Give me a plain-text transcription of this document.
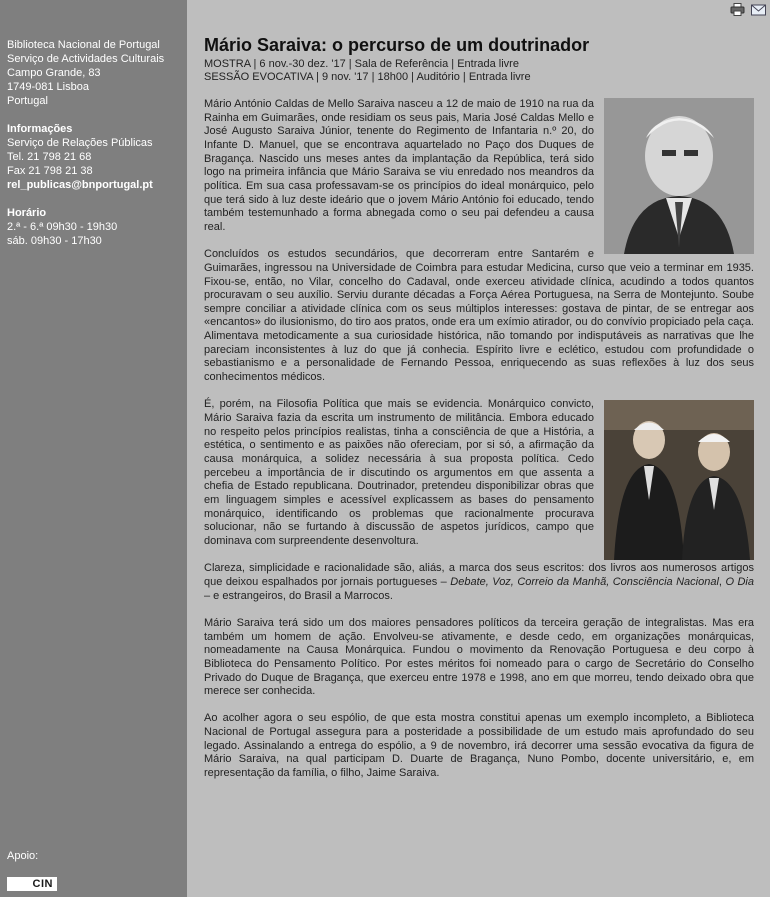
Biblioteca Nacional de Portugal
Serviço de Actividades Culturais
Campo Grande, 83
1749-081 Lisboa
Portugal
Informações
Serviço de Relações Públicas
Tel. 21 798 21 68
Fax 21 798 21 38
rel_publicas@bnportugal.pt
Horário
2.ª - 6.ª 09h30 - 19h30
sáb. 09h30 - 17h30
Apoio:
CIN
Mário Saraiva: o percurso de um doutrinador
MOSTRA | 6 nov.-30 dez. '17 | Sala de Referência | Entrada livre
SESSÃO EVOCATIVA | 9 nov. '17 | 18h00 | Auditório | Entrada livre

Mário António Caldas de Mello Saraiva nasceu a 12 de maio de 1910 na rua da Rainha em Guimarães, onde residiam os seus pais, Maria José Caldas Mello e José Augusto Saraiva Júnior, tenente do Regimento de Infantaria n.º 20, do Infante D. Manuel, que se encontrava aquartelado no Paço dos Duques de Bragança. Nascido uns meses antes da implantação da República, terá sido logo na primeira infância que Mário Saraiva se viu enredado nos meandros da política. Em sua casa professavam-se os princípios do ideal monárquico, pelo que terá sido à luz deste ideário que o jovem Mário António foi educado, tendo também testemunhado a forma abnegada como o seu pai defendeu a causa real.

Concluídos os estudos secundários, que decorreram entre Santarém e Guimarães, ingressou na Universidade de Coimbra para estudar Medicina, curso que veio a terminar em 1935. Fixou-se, então, no Vilar, concelho do Cadaval, onde exerceu atividade clínica, acudindo a todos quantos procuravam o seu auxílio. Serviu durante décadas a Força Aérea Portuguesa, na Serra de Montejunto. Soube sempre conciliar a atividade clínica com os seus múltiplos interesses: gostava de pintar, de se entregar aos «encantos» do ilusionismo, do tiro aos pratos, onde era um exímio atirador, ou do convívio propiciado pela caça. Alimentava metodicamente a sua curiosidade histórica, não tomando por indisputáveis as narrativas que lhe pareciam inconsistentes à luz do que já conhecia. Espírito livre e eclético, estudou com profundidade o sebastianismo e a personalidade de Fernando Pessoa, enriquecendo as suas reflexões à luz dos seus conhecimentos médicos.

É, porém, na Filosofia Política que mais se evidencia. Monárquico convicto, Mário Saraiva fazia da escrita um instrumento de militância. Embora educado no respeito pelos princípios realistas, tinha a consciência de que a História, a estética, o sentimento e as paixões não ofereciam, por si só, a afirmação da causa monárquica, a solidez necessária à sua proposta política. Cedo percebeu a importância de ir discutindo os argumentos em que assenta a chefia de Estado republicana. Doutrinador, pretendeu disponibilizar obras que em linguagem simples e acessível explicassem as bases do pensamento monárquico, identificando os problemas que racionalmente procurava solucionar, não se furtando à discussão de aspetos jurídicos, campo que dominava com surpreendente desenvoltura.

Clareza, simplicidade e racionalidade são, aliás, a marca dos seus escritos: dos livros aos numerosos artigos que deixou espalhados por jornais portugueses – Debate, Voz, Correio da Manhã, Consciência Nacional, O Dia – e estrangeiros, do Brasil a Marrocos.

Mário Saraiva terá sido um dos maiores pensadores políticos da terceira geração de integralistas. Mas era também um homem de ação. Envolveu-se ativamente, e desde cedo, em organizações monárquicas, nomeadamente na Causa Monárquica. Fundou o movimento da Renovação Portuguesa e deu corpo à Biblioteca do Pensamento Político. Por estes méritos foi nomeado para o cargo de Secretário do Conselho Privado do Duque de Bragança, que exerceu entre 1978 e 1998, ano em que morreu, tendo deixado obra que merece ser conhecida.

Ao acolher agora o seu espólio, de que esta mostra constitui apenas um exemplo incompleto, a Biblioteca Nacional de Portugal assegura para a posteridade a possibilidade de um estudo mais aprofundado do seu legado. Assinalando a entrega do espólio, a 9 de novembro, irá decorrer uma sessão evocativa da figura de Mário Saraiva, na qual participam D. Duarte de Bragança, Nuno Pombo, docente universitário, e, em representação da família, o filho, Jaime Saraiva.
